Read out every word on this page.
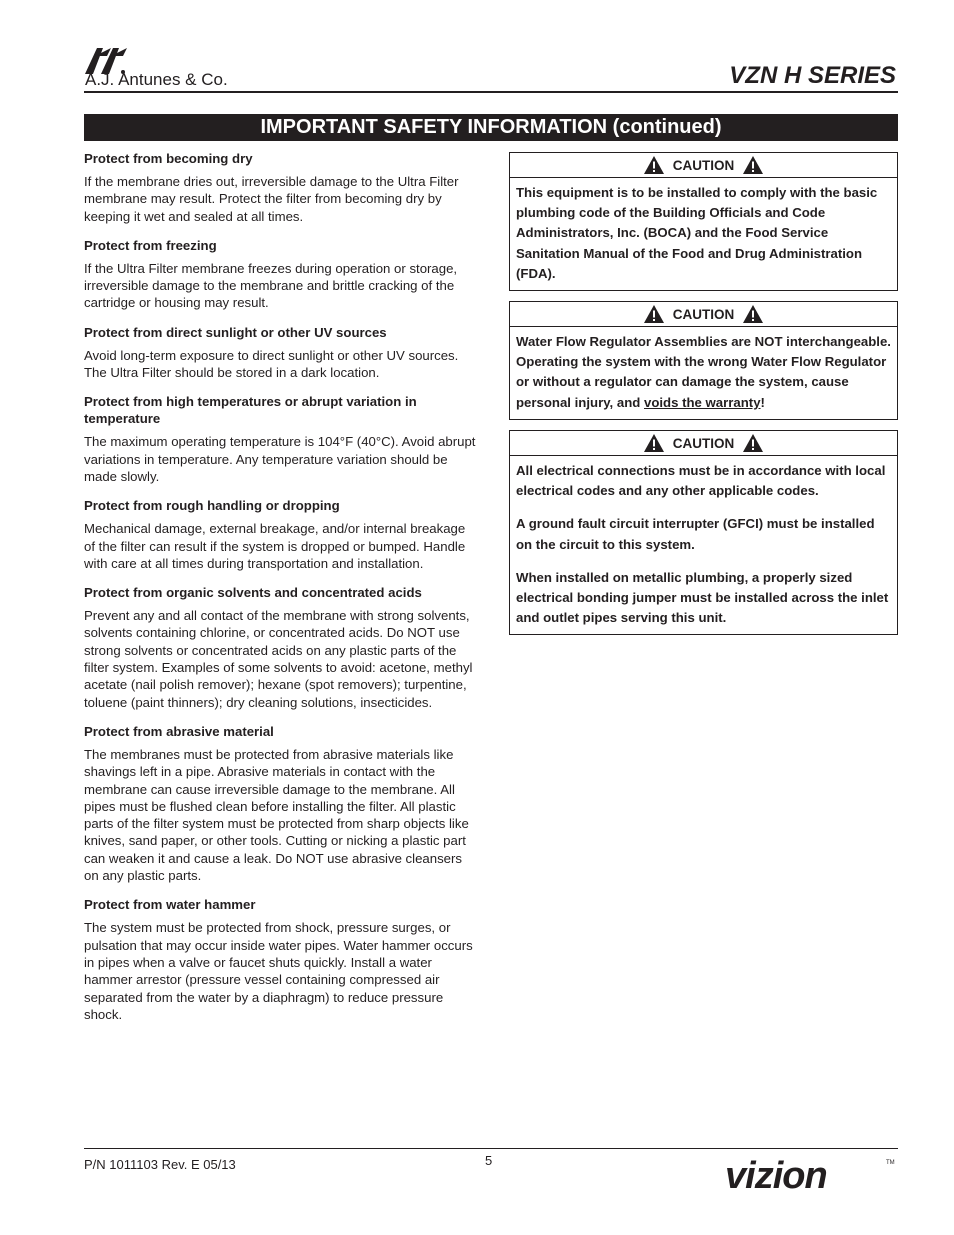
A.J. Antunes & Co.	VZN H SERIES
IMPORTANT SAFETY INFORMATION (continued)
Protect from becoming dry
If the membrane dries out, irreversible damage to the Ultra Filter membrane may result. Protect the filter from becoming dry by keeping it wet and sealed at all times.
Protect from freezing
If the Ultra Filter membrane freezes during operation or storage, irreversible damage to the membrane and brittle cracking of the cartridge or housing may result.
Protect from direct sunlight or other UV sources
Avoid long-term exposure to direct sunlight or other UV sources. The Ultra Filter should be stored in a dark location.
Protect from high temperatures or abrupt variation in temperature
The maximum operating temperature is 104°F (40°C). Avoid abrupt variations in temperature. Any temperature variation should be made slowly.
Protect from rough handling or dropping
Mechanical damage, external breakage, and/or internal breakage of the filter can result if the system is dropped or bumped. Handle with care at all times during transportation and installation.
Protect from organic solvents and concentrated acids
Prevent any and all contact of the membrane with strong solvents, solvents containing chlorine, or concentrated acids. Do NOT use strong solvents or concentrated acids on any plastic parts of the filter system. Examples of some solvents to avoid: acetone, methyl acetate (nail polish remover); hexane (spot removers); turpentine, toluene (paint thinners); dry cleaning solutions, insecticides.
Protect from abrasive material
The membranes must be protected from abrasive materials like shavings left in a pipe. Abrasive materials in contact with the membrane can cause irreversible damage to the membrane. All pipes must be flushed clean before installing the filter. All plastic parts of the filter system must be protected from sharp objects like knives, sand paper, or other tools. Cutting or nicking a plastic part can weaken it and cause a leak. Do NOT use abrasive cleansers on any plastic parts.
Protect from water hammer
The system must be protected from shock, pressure surges, or pulsation that may occur inside water pipes. Water hammer occurs in pipes when a valve or faucet shuts quickly. Install a water hammer arrestor (pressure vessel containing compressed air separated from the water by a diaphragm) to reduce pressure shock.
CAUTION

This equipment is to be installed to comply with the basic plumbing code of the Building Officials and Code Administrators, Inc. (BOCA) and the Food Service Sanitation Manual of the Food and Drug Administration (FDA).

CAUTION

Water Flow Regulator Assemblies are NOT interchangeable. Operating the system with the wrong Water Flow Regulator or without a regulator can damage the system, cause personal injury, and voids the warranty!

CAUTION

All electrical connections must be in accordance with local electrical codes and any other applicable codes.

A ground fault circuit interrupter (GFCI) must be installed on the circuit to this system.

When installed on metallic plumbing, a properly sized electrical bonding jumper must be installed across the inlet and outlet pipes serving this unit.

P/N 1011103 Rev. E 05/13	5	vizion	TM
